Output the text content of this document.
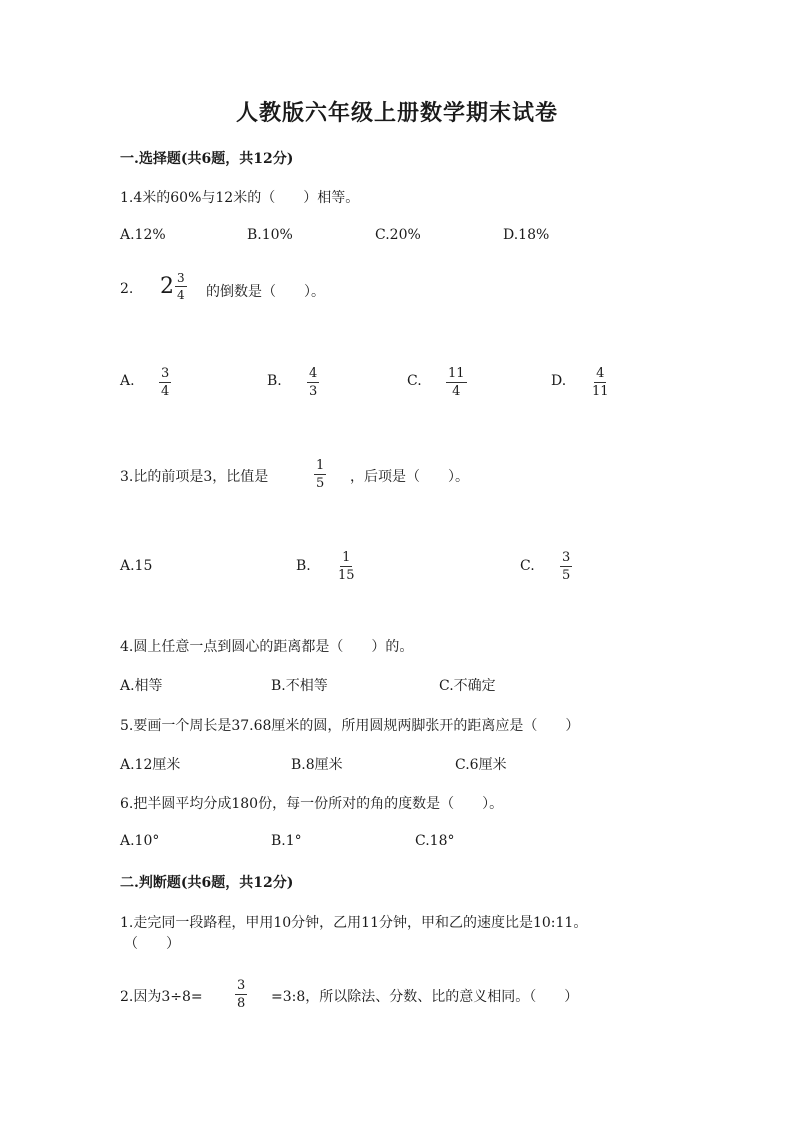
人教版六年级上册数学期末试卷
一.选择题(共6题，共12分)
1.4米的60%与12米的（　　）相等。
A.12%	B.10%	C.20%	D.18%
2. $2 \frac{3}{4}$ 的倒数是（　　）。
A. $\frac{3}{4}$	B. $\frac{4}{3}$	C. $\frac{11}{4}$	D. $\frac{4}{11}$
3.比的前项是3，比值是	$\frac{1}{5}$ ，后项是（　　）。
A.15	B. $\frac{1}{15}$	C. $\frac{3}{5}$
4.圆上任意一点到圆心的距离都是（　　）的。
A.相等	B.不相等	C.不确定
5.要画一个周长是37.68厘米的圆，所用圆规两脚张开的距离应是（　　）
A.12厘米	B.8厘米	C.6厘米
6.把半圆平均分成180份，每一份所对的角的度数是（　　）。
A.10°	B.1°	C.18°
二.判断题(共6题，共12分)
1.走完同一段路程，甲用10分钟，乙用11分钟，甲和乙的速度比是10:11。
（　　）
2.因为$3\div 8= \frac{3}{8}$ =3:8，所以除法、分数、比的意义相同。（　　）
